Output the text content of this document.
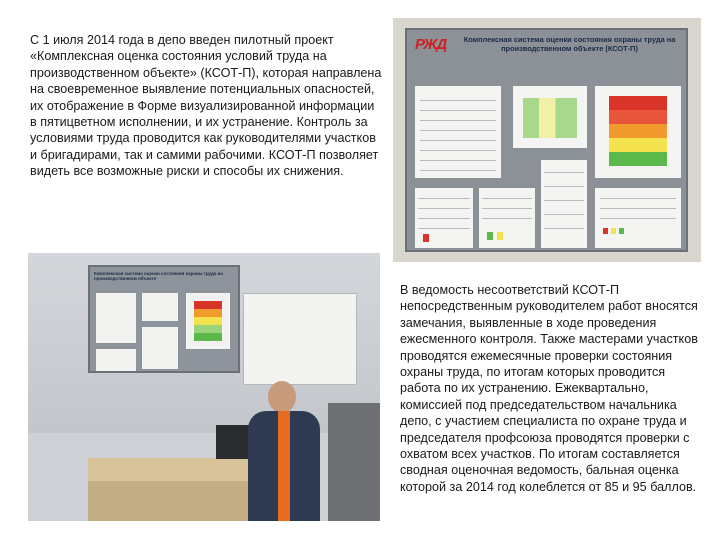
С 1 июля 2014 года в депо введен пилотный проект «Комплексная оценка состояния условий труда на производственном объекте» (КСОТ-П), которая направлена на своевременное выявление потенциальных опасностей, их отображение в Форме визуализированной информации в пятицветном исполнении, и их устранение. Контроль за условиями труда проводится как руководителями участков и бригадирами, так и самими рабочими. КСОТ-П позволяет видеть все возможные риски и способы их снижения.

РЖД	Комплексная система оценки состояния охраны труда на производственном объекте (КСОТ-П)
Комплексная система оценки состояния охраны труда на производственном объекте

В ведомость несоответствий КСОТ-П непосредственным руководителем работ вносятся замечания, выявленные в ходе проведения ежесменного контроля. Также мастерами участков проводятся ежемесячные проверки состояния охраны труда, по итогам которых проводится работа по их устранению. Ежеквартально, комиссией под председательством начальника депо, с участием специалиста по охране труда и председателя профсоюза проводятся проверки с охватом всех участков. По итогам составляется сводная оценочная ведомость, бальная оценка которой за 2014 год колеблется от 85 и 95 баллов.
